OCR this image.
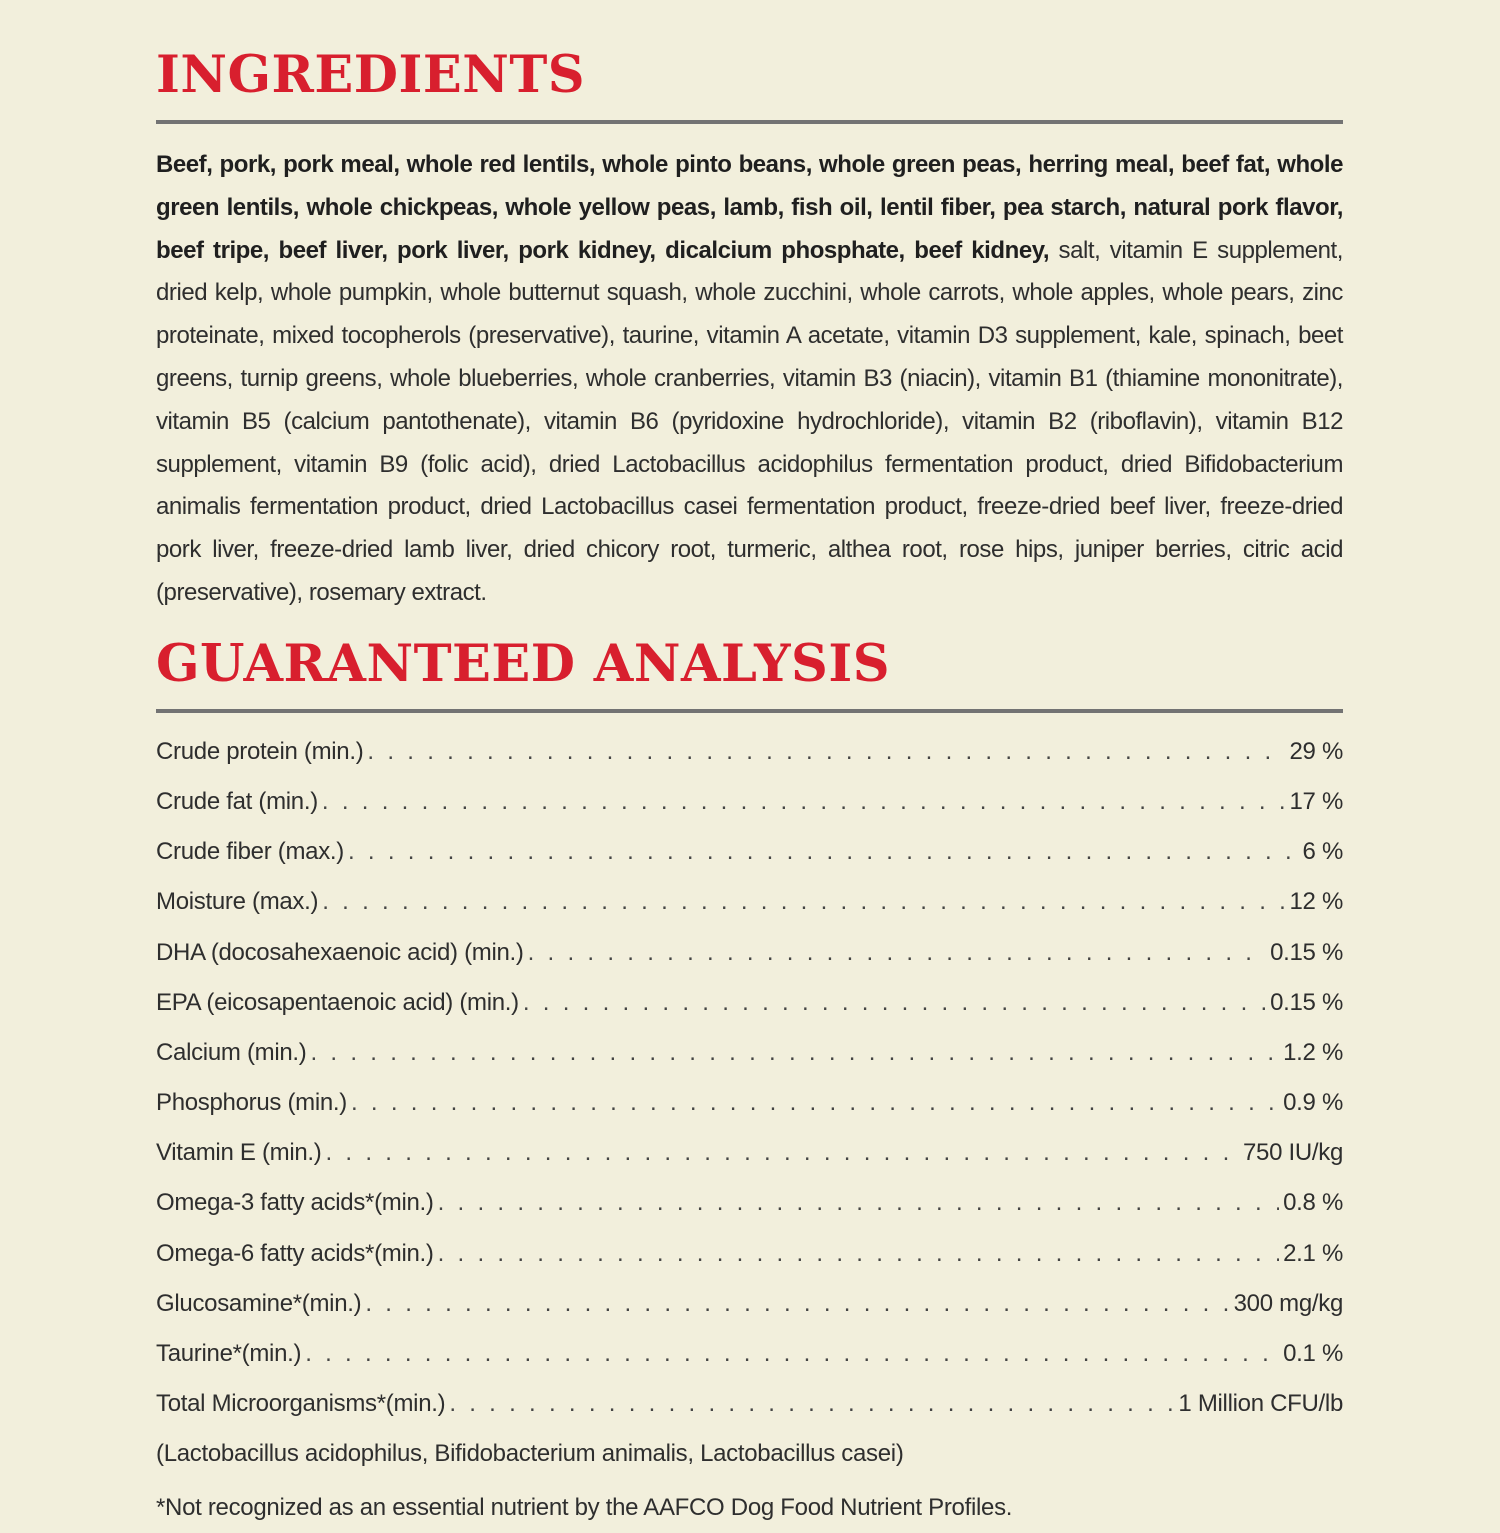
INGREDIENTS

Beef, pork, pork meal, whole red lentils, whole pinto beans, whole green peas, herring meal, beef fat, whole green lentils, whole chickpeas, whole yellow peas, lamb, fish oil, lentil fiber, pea starch, natural pork flavor, beef tripe, beef liver, pork liver, pork kidney, dicalcium phosphate, beef kidney, salt, vitamin E supplement, dried kelp, whole pumpkin, whole butternut squash, whole zucchini, whole carrots, whole apples, whole pears, zinc proteinate, mixed tocopherols (preservative), taurine, vitamin A acetate, vitamin D3 supplement, kale, spinach, beet greens, turnip greens, whole blueberries, whole cranberries, vitamin B3 (niacin), vitamin B1 (thiamine mononitrate), vitamin B5 (calcium pantothenate), vitamin B6 (pyridoxine hydrochloride), vitamin B2 (riboflavin), vitamin B12 supplement, vitamin B9 (folic acid), dried Lactobacillus acidophilus fermentation product, dried Bifidobacterium animalis fermentation product, dried Lactobacillus casei fermentation product, freeze-dried beef liver, freeze-dried pork liver, freeze-dried lamb liver, dried chicory root, turmeric, althea root, rose hips, juniper berries, citric acid (preservative), rosemary extract.

GUARANTEED ANALYSIS
Crude protein (min.) . . .	29 %
Crude fat (min.) . . .	17 %
Crude fiber (max.) . . .	6 %
Moisture (max.) . . .	12 %
DHA (docosahexaenoic acid) (min.) . . .	0.15 %
EPA (eicosapentaenoic acid) (min.) . . .	0.15 %
Calcium (min.) . . .	1.2 %
Phosphorus (min.) . . .	0.9 %
Vitamin E (min.) . . .	750 IU/kg
Omega-3 fatty acids*(min.) . . .	0.8 %
Omega-6 fatty acids*(min.) . . .	2.1 %
Glucosamine*(min.) . . .	300 mg/kg
Taurine*(min.) . . .	0.1 %
Total Microorganisms*(min.) . . .	1 Million CFU/lb
(Lactobacillus acidophilus, Bifidobacterium animalis, Lactobacillus casei)
*Not recognized as an essential nutrient by the AAFCO Dog Food Nutrient Profiles.
